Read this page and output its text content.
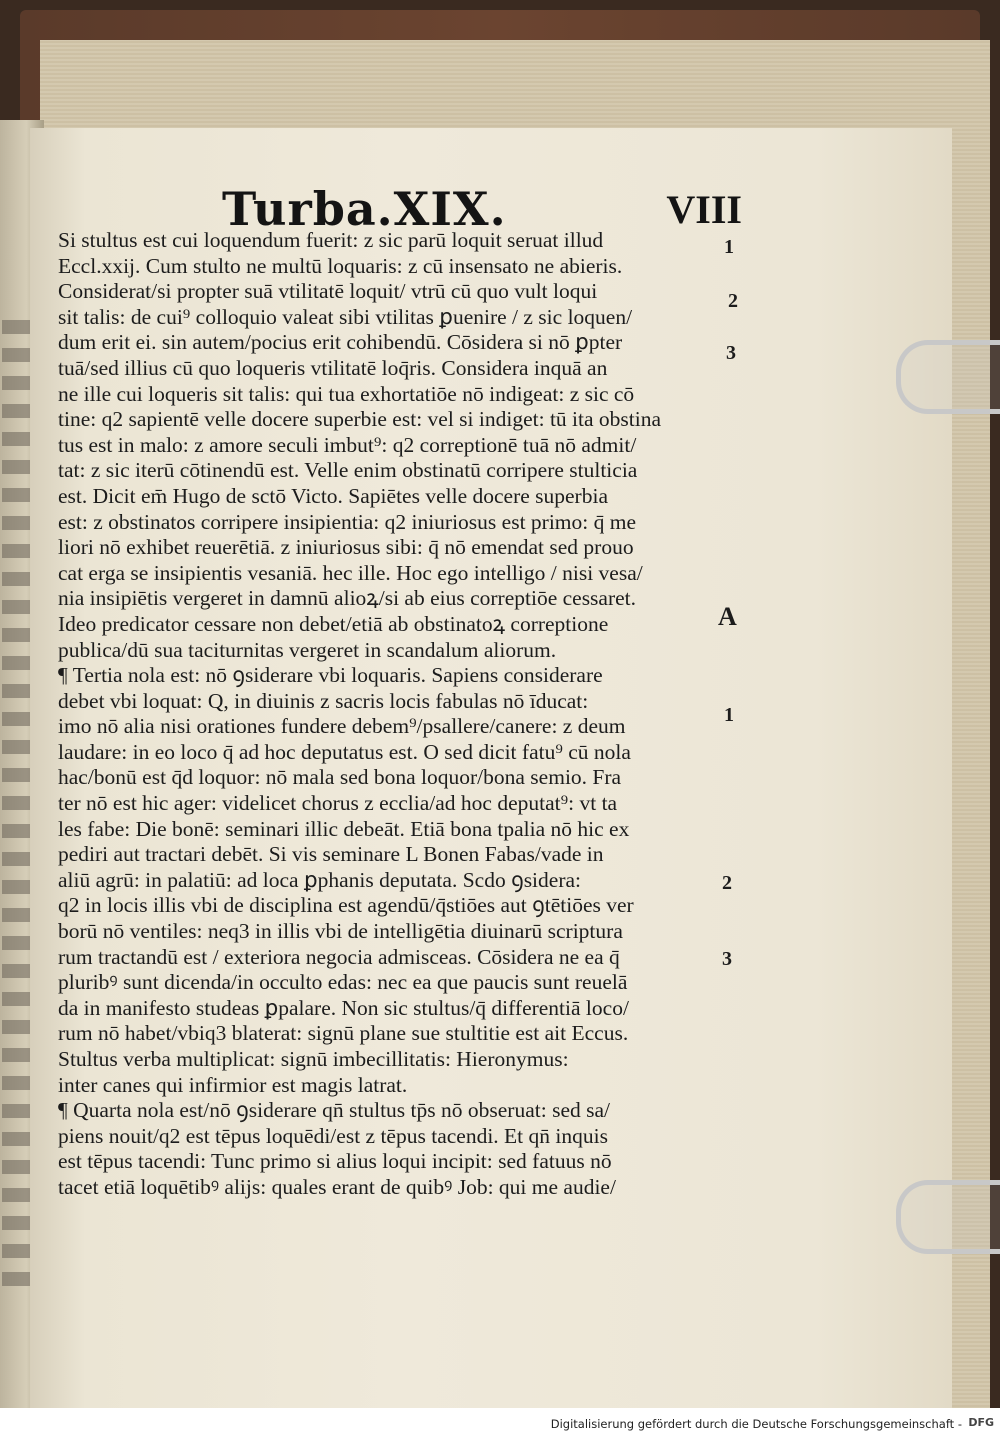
Turba.XIX.	VIII
Si stultus est cui loquendum fuerit: z sic parū loquit seruat illud
Eccl.xxij. Cum stulto ne multū loquaris: z cū insensato ne abieris.
Considerat/si propter suā vtilitatē loquit/ vtrū cū quo vult loqui
sit talis: de cui⁹ colloquio valeat sibi vtilitas ꝑuenire / z sic loquen/
dum erit ei. sin autem/pocius erit cohibendū. Cōsidera si nō ꝑpter
tuā/sed illius cū quo loqueris vtilitatē loq̄ris. Considera inquā an
ne ille cui loqueris sit talis: qui tua exhortatiōe nō indigeat: z sic cō
tine: q2 sapientē velle docere superbie est: vel si indiget: tū ita obstina
tus est in malo: z amore seculi imbut⁹: q2 correptionē tuā nō admit/
tat: z sic iterū cōtinendū est. Velle enim obstinatū corripere stulticia
est. Dicit em̄ Hugo de sctō Victo. Sapiētes velle docere superbia
est: z obstinatos corripere insipientia: q2 iniuriosus est primo: q̄ me
liori nō exhibet reuerētiā. z iniuriosus sibi: q̄ nō emendat sed prouo
cat erga se insipientis vesaniā. hec ille. Hoc ego intelligo / nisi vesa/
nia insipiētis vergeret in damnū alioꝝ/si ab eius correptiōe cessaret.
Ideo predicator cessare non debet/etiā ab obstinatoꝝ correptione
publica/dū sua taciturnitas vergeret in scandalum aliorum.
¶ Tertia nola est: nō ꝯsiderare vbi loquaris. Sapiens considerare
debet vbi loquat: Q, in diuinis z sacris locis fabulas nō īducat:
imo nō alia nisi orationes fundere debem⁹/psallere/canere: z deum
laudare: in eo loco q̄ ad hoc deputatus est. O sed dicit fatu⁹ cū nola
hac/bonū est q̄d loquor: nō mala sed bona loquor/bona semio. Fra
ter nō est hic ager: videlicet chorus z ecclia/ad hoc deputat⁹: vt ta
les fabe: Die bonē: seminari illic debeāt. Etiā bona tpalia nō hic ex
pediri aut tractari debēt. Si vis seminare L Bonen Fabas/vade in
aliū agrū: in palatiū: ad loca ꝑphanis deputata. Scdo ꝯsidera:
q2 in locis illis vbi de disciplina est agendū/q̄stiōes aut ꝯtētiōes ver
borū nō ventiles: neq3 in illis vbi de intelligētia diuinarū scriptura
rum tractandū est / exteriora negocia admisceas. Cōsidera ne ea q̄
pluribꝰ sunt dicenda/in occulto edas: nec ea que paucis sunt reuelā
da in manifesto studeas ꝑpalare. Non sic stultus/q̄ differentiā loco/
rum nō habet/vbiq3 blaterat: signū plane sue stultitie est ait Eccus.
Stultus verba multiplicat: signū imbecillitatis: Hieronymus:
inter canes qui infirmior est magis latrat.
¶ Quarta nola est/nō ꝯsiderare qn̄ stultus tp̄s nō obseruat: sed sa/
piens nouit/q2 est tēpus loquēdi/est z tēpus tacendi. Et qn̄ inquis
est tēpus tacendi: Tunc primo si alius loqui incipit: sed fatuus nō
tacet etiā loquētibꝰ alijs: quales erant de quibꝰ Job: qui me audie/
1
2
3
A
1
2
3
Digitalisierung gefördert durch die Deutsche Forschungsgemeinschaft - DFG
